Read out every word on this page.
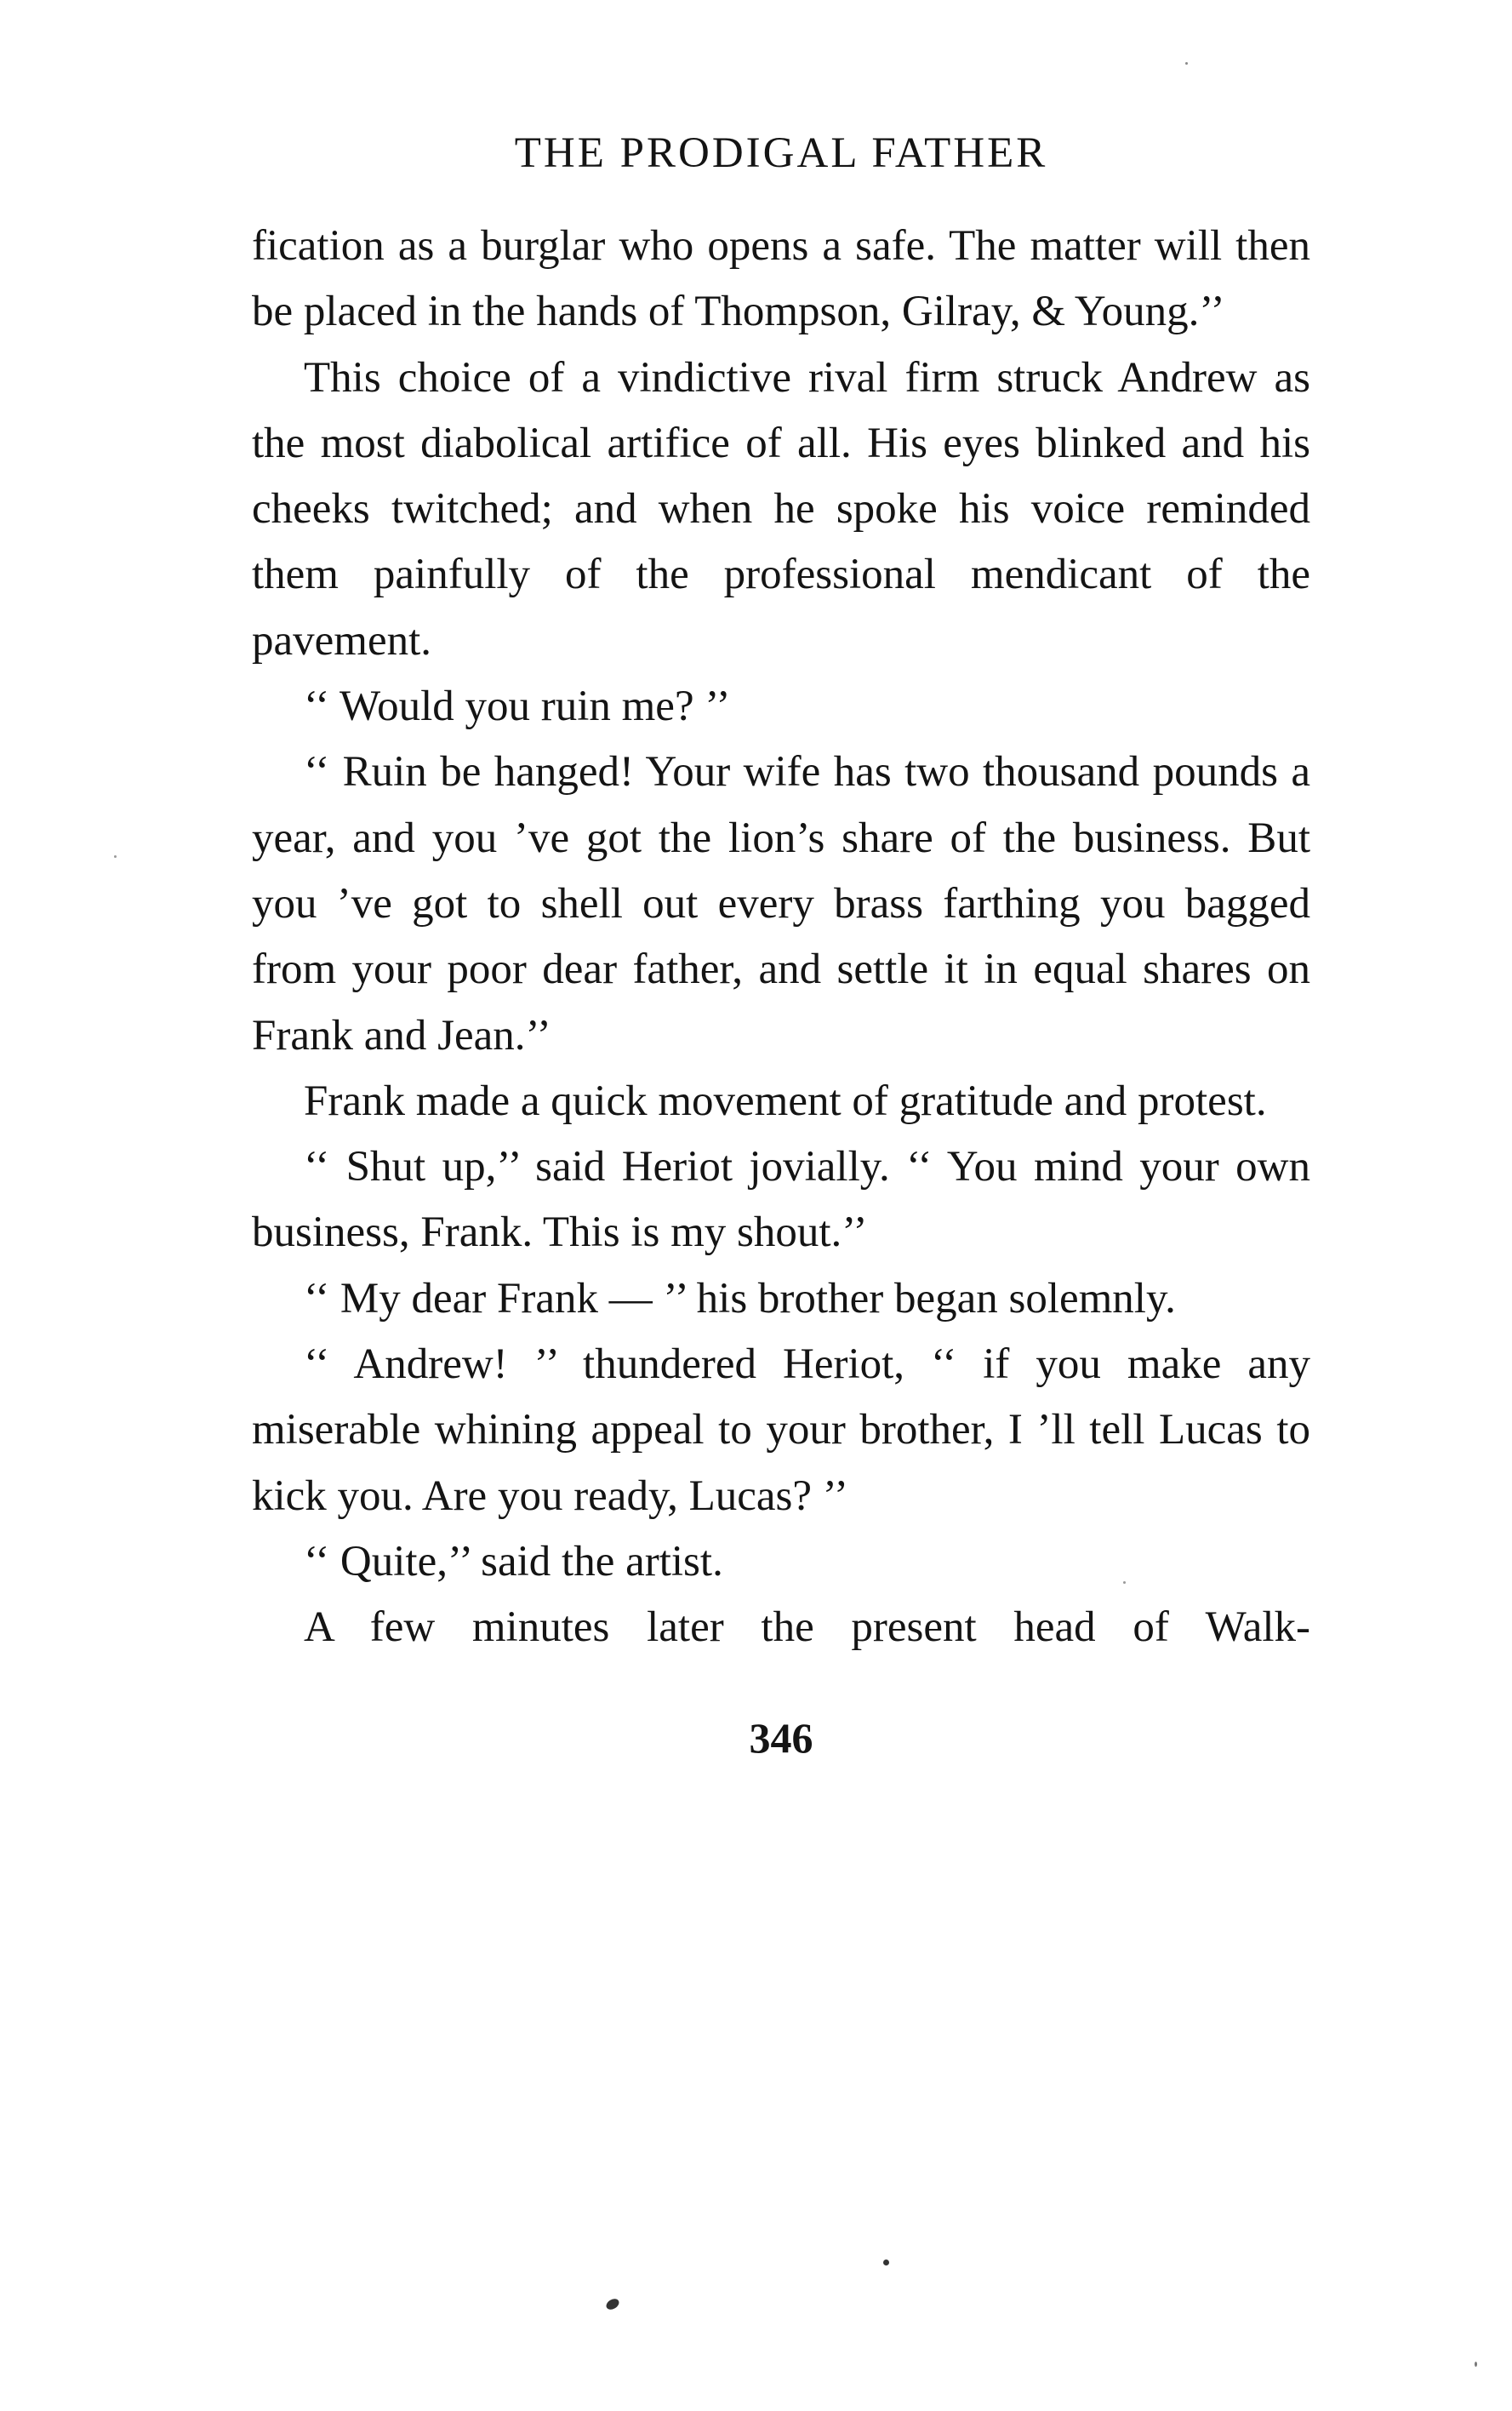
THE PRODIGAL FATHER

fication as a burglar who opens a safe. The matter will then be placed in the hands of Thompson, Gilray, & Young.’’

This choice of a vindictive rival firm struck Andrew as the most diabolical artifice of all. His eyes blinked and his cheeks twitched; and when he spoke his voice reminded them painfully of the professional mendicant of the pavement.

‘‘ Would you ruin me? ’’

‘‘ Ruin be hanged! Your wife has two thousand pounds a year, and you ’ve got the lion’s share of the business. But you ’ve got to shell out every brass farthing you bagged from your poor dear father, and settle it in equal shares on Frank and Jean.’’

Frank made a quick movement of gratitude and protest.

‘‘ Shut up,’’ said Heriot jovially. ‘‘ You mind your own business, Frank. This is my shout.’’

‘‘ My dear Frank — ’’ his brother began solemnly.

‘‘ Andrew! ’’ thundered Heriot, ‘‘ if you make any miserable whining appeal to your brother, I ’ll tell Lucas to kick you. Are you ready, Lucas? ’’

‘‘ Quite,’’ said the artist.

A few minutes later the present head of Walk-

346
